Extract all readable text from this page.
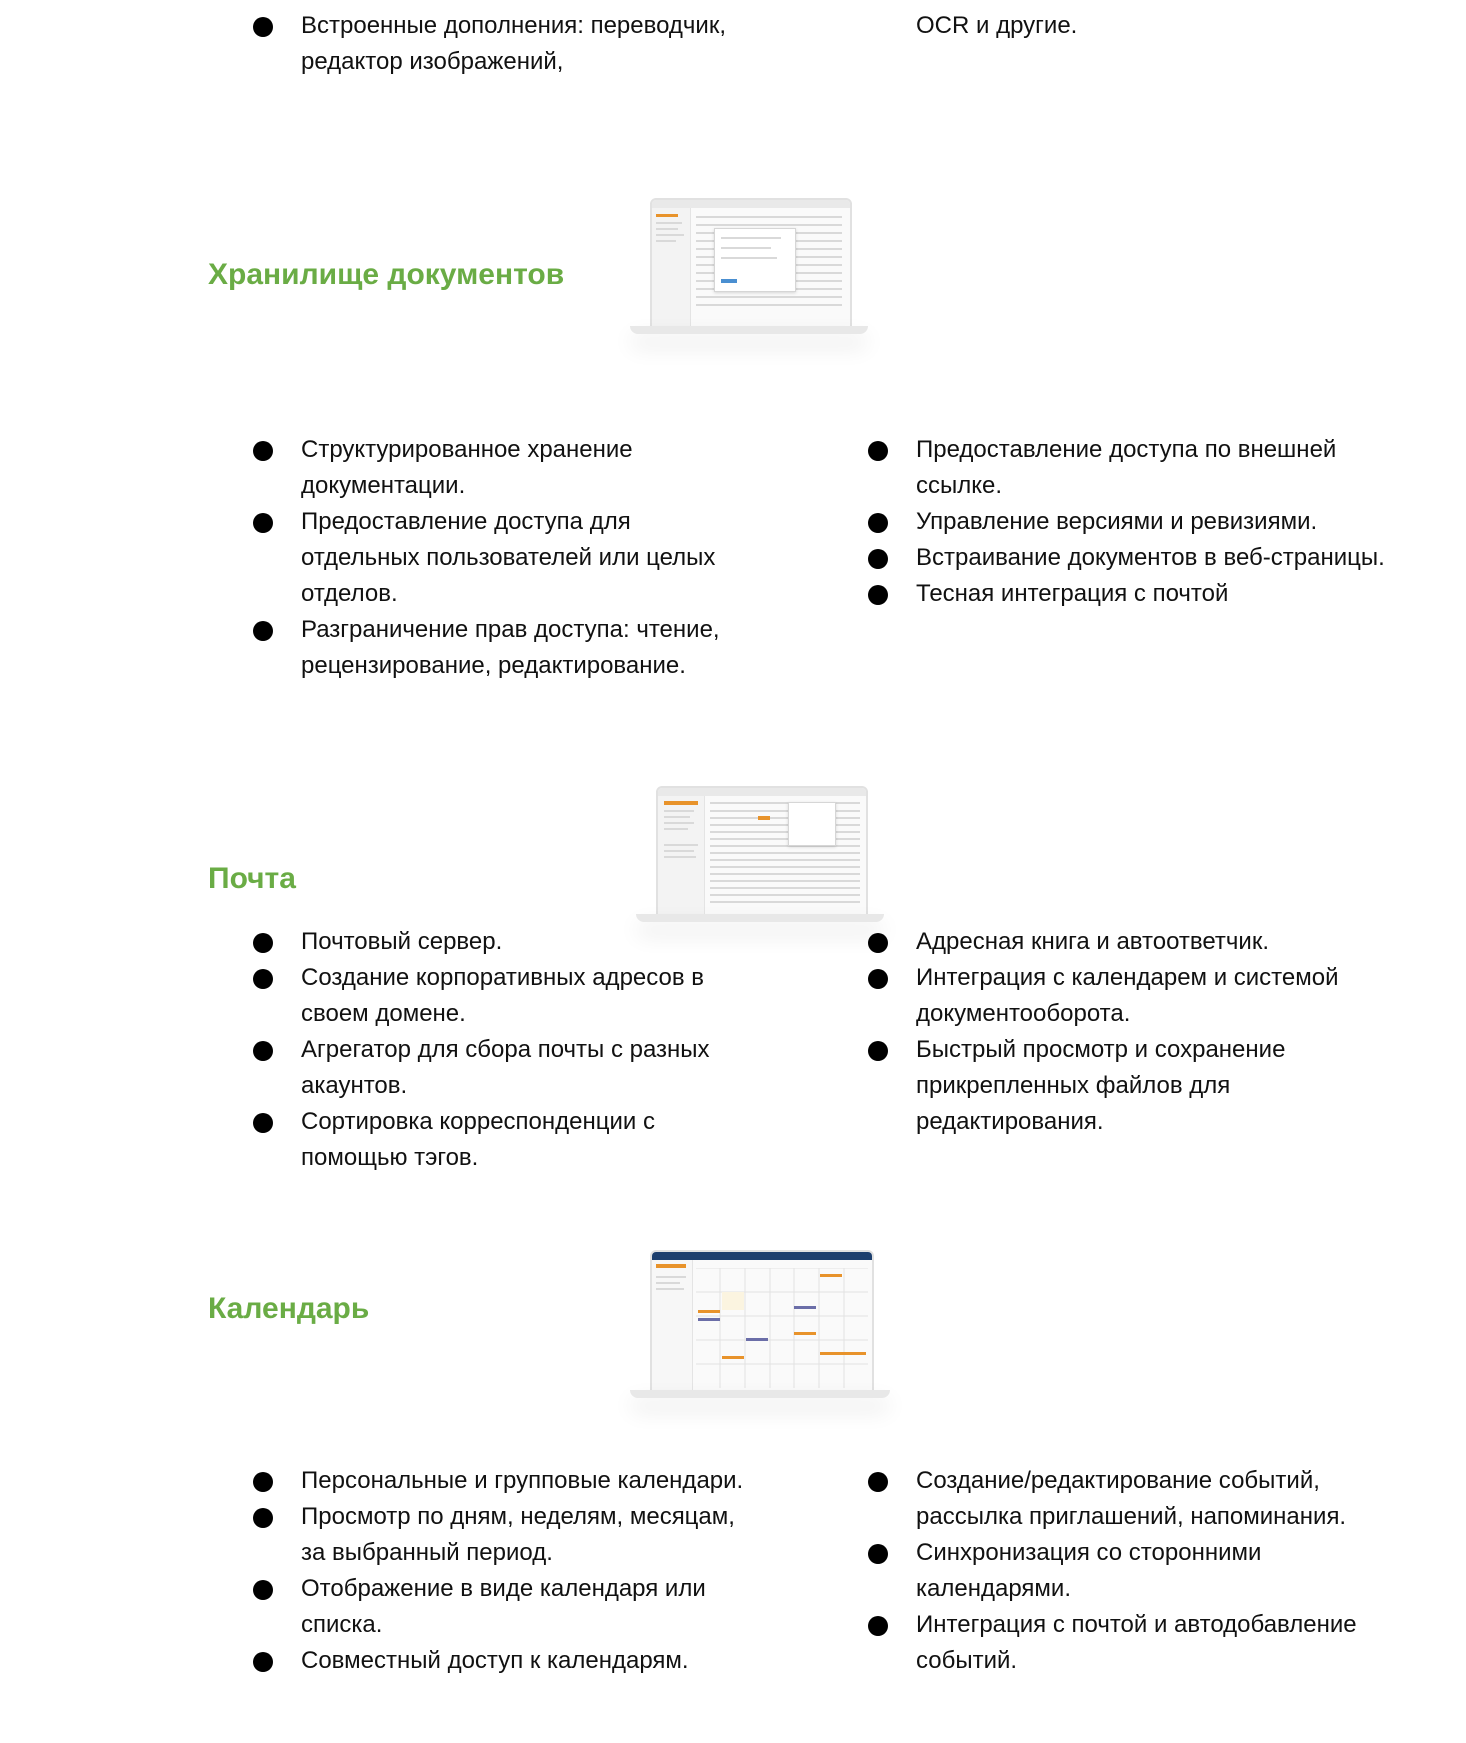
Встроенные дополнения: переводчик, редактор изображений,
OCR и другие.
Хранилище документов
Структурированное хранение документации.
Предоставление доступа для отдельных пользователей или целых отделов.
Разграничение прав доступа: чтение, рецензирование, редактирование.
Предоставление доступа по внешней ссылке.
Управление версиями и ревизиями.
Встраивание документов в веб-страницы.
Тесная интеграция с почтой
Почта
Почтовый сервер.
Создание корпоративных адресов в своем домене.
Агрегатор для сбора почты с разных акаунтов.
Сортировка корреспонденции с помощью тэгов.
Адресная книга и автоответчик.
Интеграция с календарем и системой документооборота.
Быстрый просмотр и сохранение прикрепленных файлов для редактирования.
Календарь
Персональные и групповые календари.
Просмотр по дням, неделям, месяцам, за выбранный период.
Отображение в виде календаря или списка.
Совместный доступ к календарям.
Создание/редактирование событий, рассылка приглашений, напоминания.
Синхронизация со сторонними календарями.
Интеграция с почтой и автодобавление событий.
